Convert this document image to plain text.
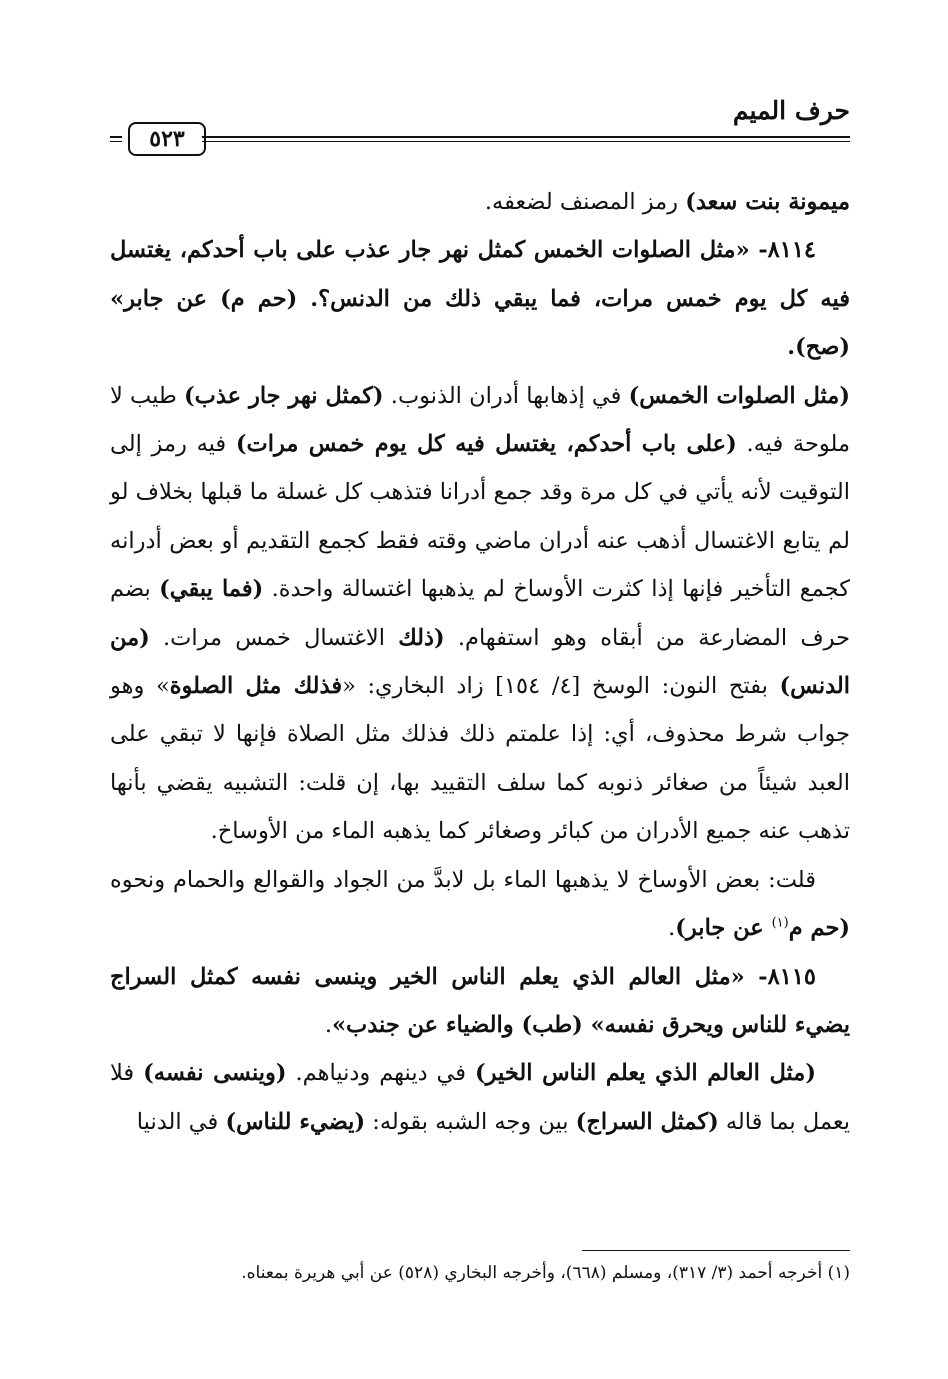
حرف الميم
٥٢٣

ميمونة بنت سعد) رمز المصنف لضعفه.

٨١١٤- «مثل الصلوات الخمس كمثل نهر جار عذب على باب أحدكم، يغتسل فيه كل يوم خمس مرات، فما يبقي ذلك من الدنس؟. (حم م) عن جابر» (صح).

(مثل الصلوات الخمس) في إذهابها أدران الذنوب. (كمثل نهر جار عذب) طيب لا ملوحة فيه. (على باب أحدكم، يغتسل فيه كل يوم خمس مرات) فيه رمز إلى التوقيت لأنه يأتي في كل مرة وقد جمع أدرانا فتذهب كل غسلة ما قبلها بخلاف لو لم يتابع الاغتسال أذهب عنه أدران ماضي وقته فقط كجمع التقديم أو بعض أدرانه كجمع التأخير فإنها إذا كثرت الأوساخ لم يذهبها اغتسالة واحدة. (فما يبقي) بضم حرف المضارعة من أبقاه وهو استفهام. (ذلك الاغتسال خمس مرات. (من الدنس) بفتح النون: الوسخ [٤/ ١٥٤] زاد البخاري: «فذلك مثل الصلوة» وهو جواب شرط محذوف، أي: إذا علمتم ذلك فذلك مثل الصلاة فإنها لا تبقي على العبد شيئاً من صغائر ذنوبه كما سلف التقييد بها، إن قلت: التشبيه يقضي بأنها تذهب عنه جميع الأدران من كبائر وصغائر كما يذهبه الماء من الأوساخ.

قلت: بعض الأوساخ لا يذهبها الماء بل لابدَّ من الجواد والقوالع والحمام ونحوه (حم م$^{(١)}$ عن جابر).

٨١١٥- «مثل العالم الذي يعلم الناس الخير وينسى نفسه كمثل السراج يضيء للناس ويحرق نفسه» (طب) والضياء عن جندب».

(مثل العالم الذي يعلم الناس الخير) في دينهم ودنياهم. (وينسى نفسه) فلا يعمل بما قاله (كمثل السراج) بين وجه الشبه بقوله: (يضيء للناس) في الدنيا

(١) أخرجه أحمد (٣/ ٣١٧)، ومسلم (٦٦٨)، وأخرجه البخاري (٥٢٨) عن أبي هريرة بمعناه.
